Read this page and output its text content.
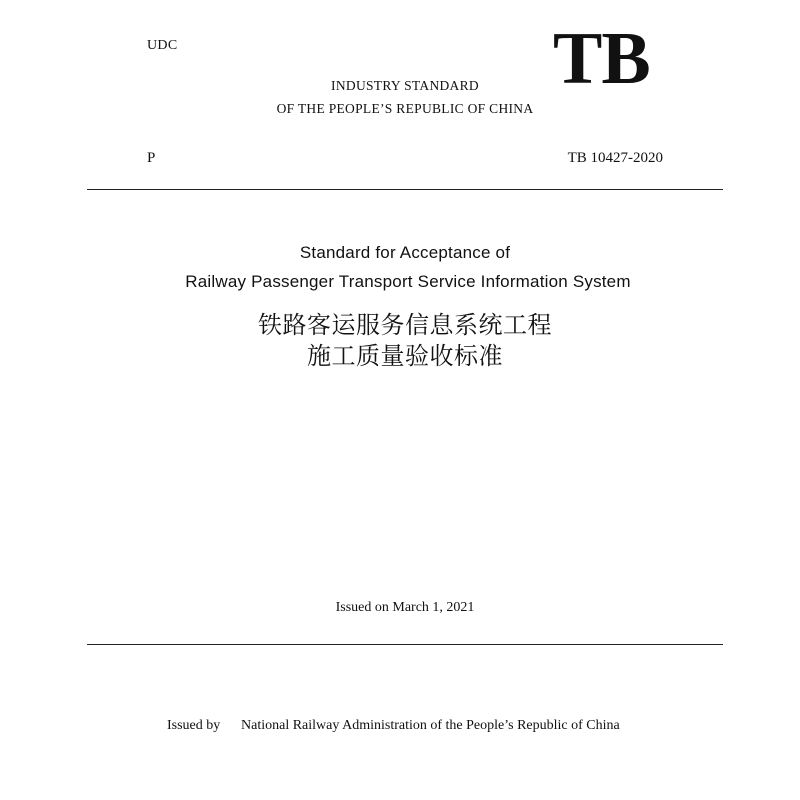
UDC	TB
INDUSTRY STANDARD
OF THE PEOPLE’S REPUBLIC OF CHINA
P	TB 10427-2020
Standard for Acceptance of
Railway Passenger Transport Service Information System
铁路客运服务信息系统工程
施工质量验收标准
Issued on March 1, 2021
Issued by National Railway Administration of the People’s Republic of China
